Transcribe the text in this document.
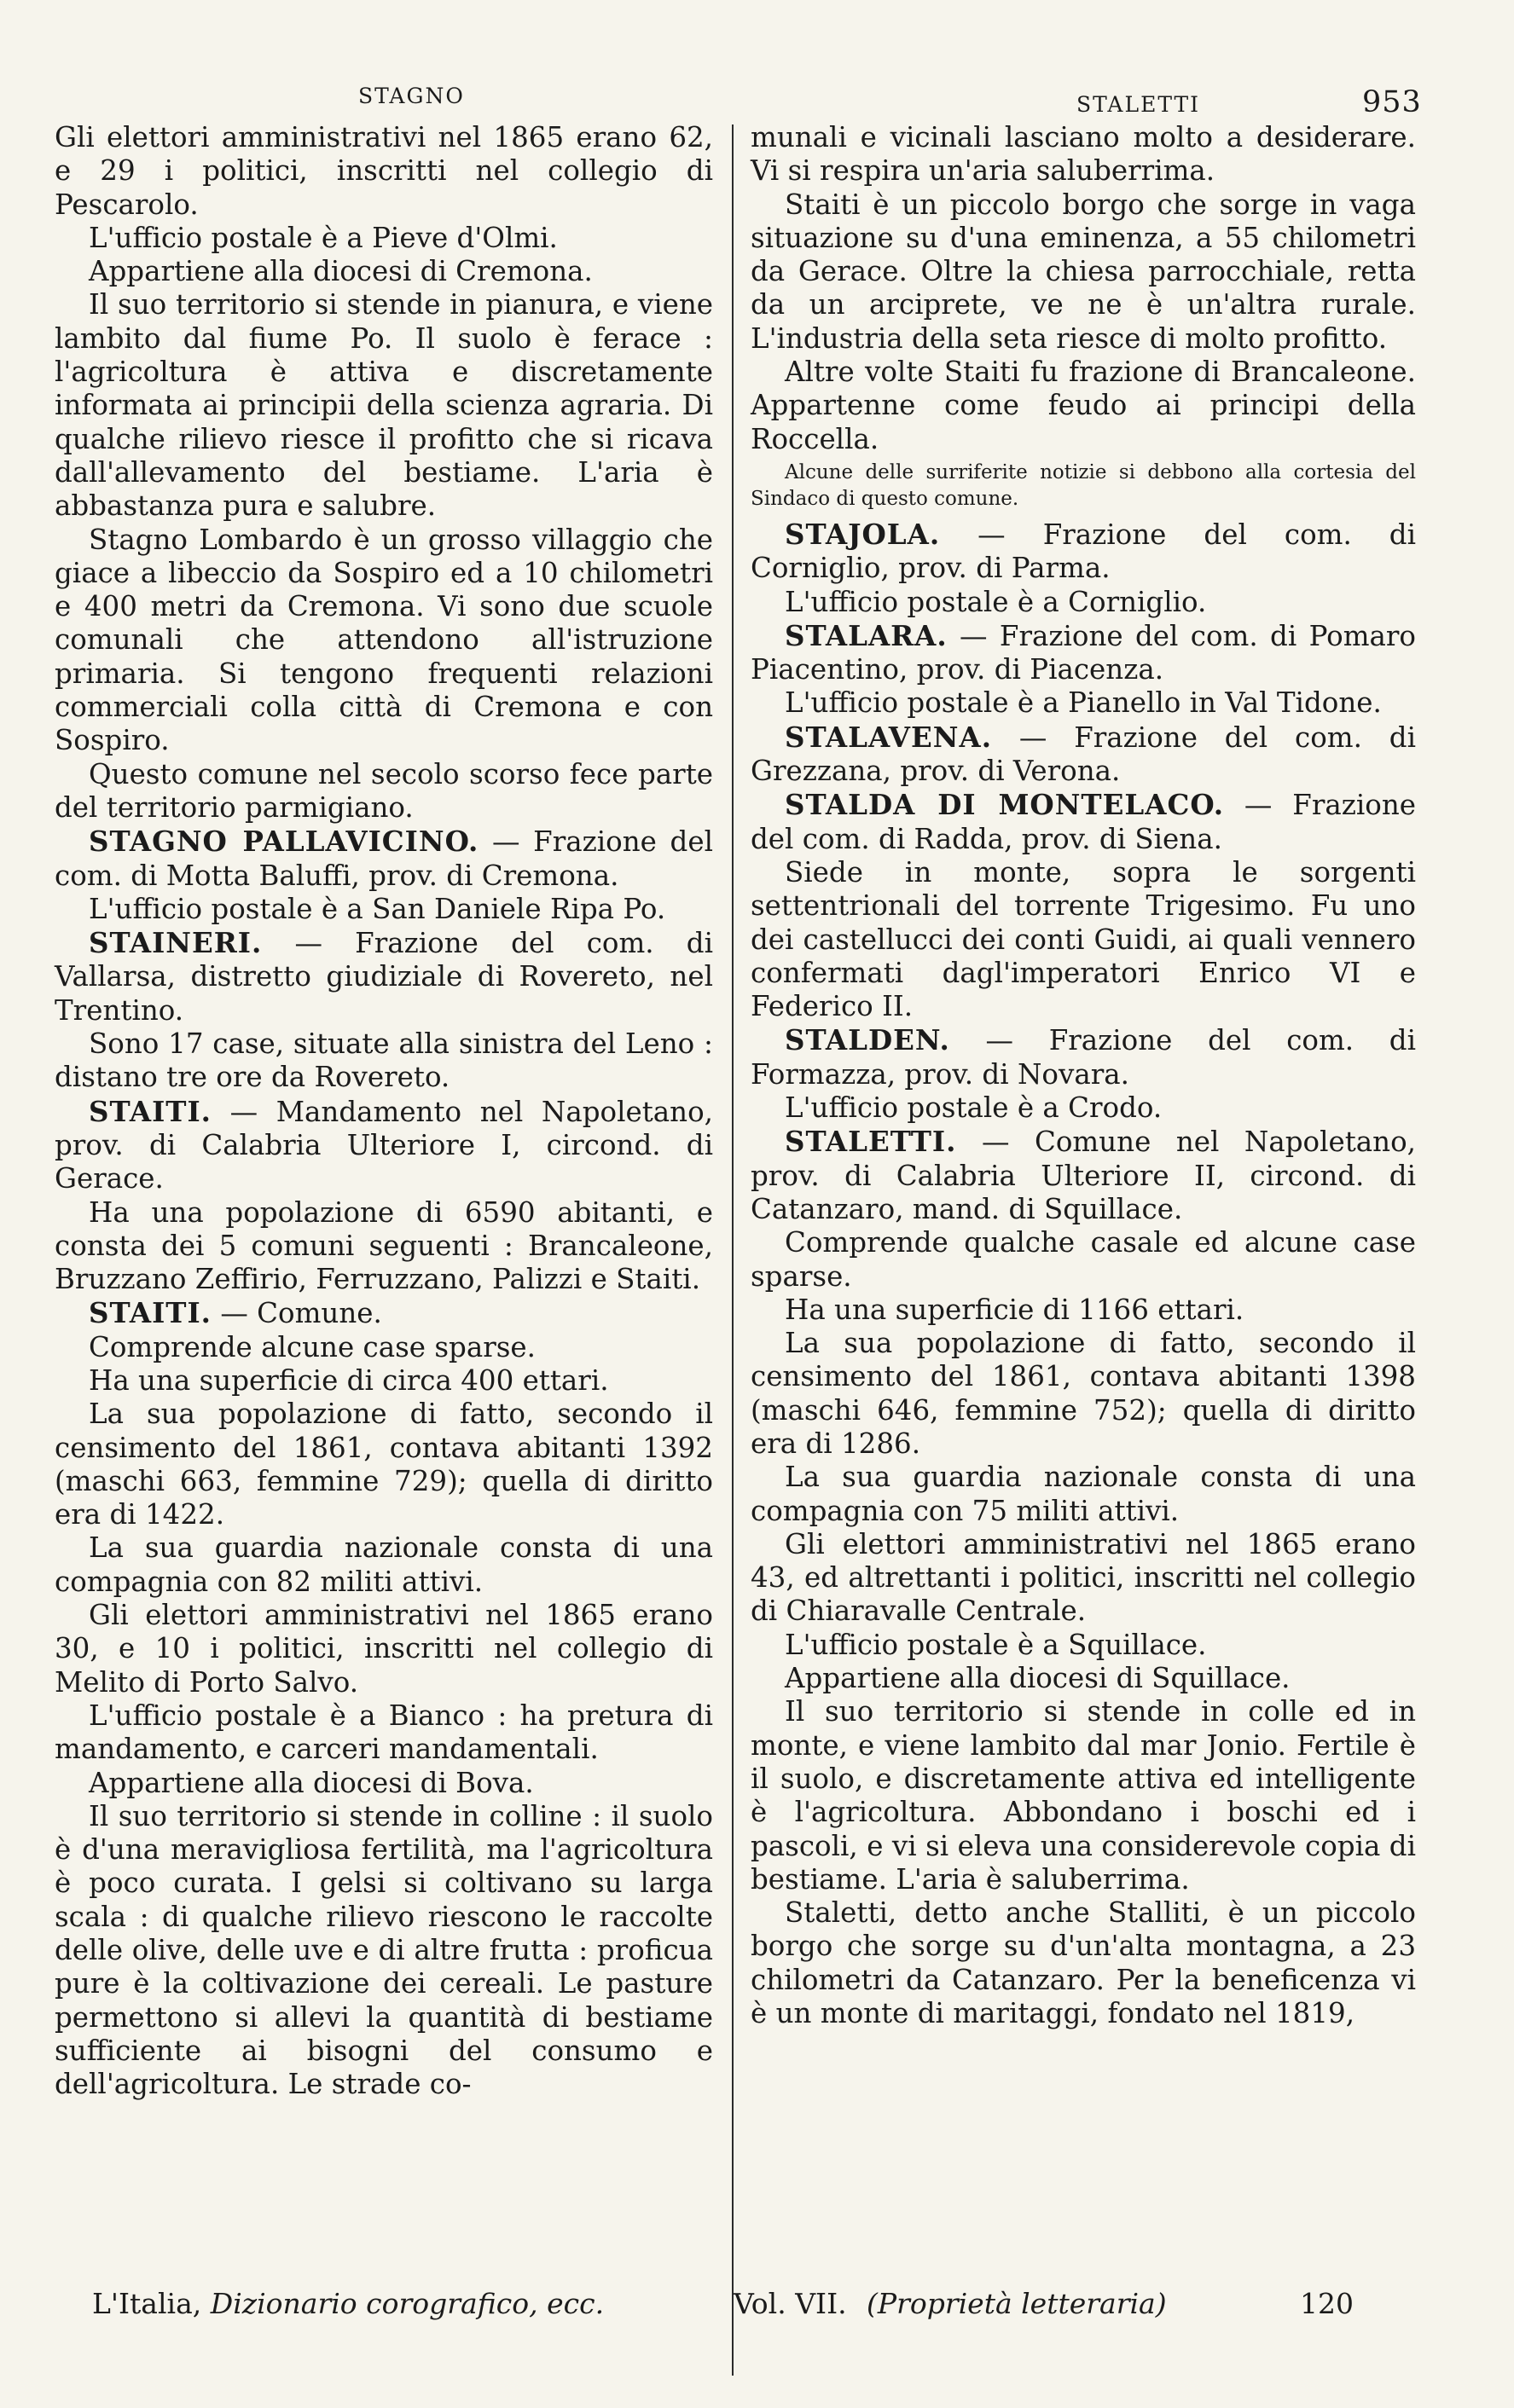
STAGNO	STALETTI	953

Gli elettori amministrativi nel 1865 erano 62, e 29 i politici, inscritti nel collegio di Pescarolo.

L'ufficio postale è a Pieve d'Olmi.

Appartiene alla diocesi di Cremona.

Il suo territorio si stende in pianura, e viene lambito dal fiume Po. Il suolo è ferace : l'agricoltura è attiva e discretamente informata ai principii della scienza agraria. Di qualche rilievo riesce il profitto che si ricava dall'allevamento del bestiame. L'aria è abbastanza pura e salubre.

Stagno Lombardo è un grosso villaggio che giace a libeccio da Sospiro ed a 10 chilometri e 400 metri da Cremona. Vi sono due scuole comunali che attendono all'istruzione primaria. Si tengono frequenti relazioni commerciali colla città di Cremona e con Sospiro.

Questo comune nel secolo scorso fece parte del territorio parmigiano.

STAGNO PALLAVICINO. — Frazione del com. di Motta Baluffi, prov. di Cremona.

L'ufficio postale è a San Daniele Ripa Po.

STAINERI. — Frazione del com. di Vallarsa, distretto giudiziale di Rovereto, nel Trentino.

Sono 17 case, situate alla sinistra del Leno : distano tre ore da Rovereto.

STAITI. — Mandamento nel Napoletano, prov. di Calabria Ulteriore I, circond. di Gerace.

Ha una popolazione di 6590 abitanti, e consta dei 5 comuni seguenti : Brancaleone, Bruzzano Zeffirio, Ferruzzano, Palizzi e Staiti.

STAITI. — Comune.

Comprende alcune case sparse.

Ha una superficie di circa 400 ettari.

La sua popolazione di fatto, secondo il censimento del 1861, contava abitanti 1392 (maschi 663, femmine 729); quella di diritto era di 1422.

La sua guardia nazionale consta di una compagnia con 82 militi attivi.

Gli elettori amministrativi nel 1865 erano 30, e 10 i politici, inscritti nel collegio di Melito di Porto Salvo.

L'ufficio postale è a Bianco : ha pretura di mandamento, e carceri mandamentali.

Appartiene alla diocesi di Bova.

Il suo territorio si stende in colline : il suolo è d'una meravigliosa fertilità, ma l'agricoltura è poco curata. I gelsi si coltivano su larga scala : di qualche rilievo riescono le raccolte delle olive, delle uve e di altre frutta : proficua pure è la coltivazione dei cereali. Le pasture permettono si allevi la quantità di bestiame sufficiente ai bisogni del consumo e dell'agricoltura. Le strade co-

munali e vicinali lasciano molto a desiderare. Vi si respira un'aria saluberrima.

Staiti è un piccolo borgo che sorge in vaga situazione su d'una eminenza, a 55 chilometri da Gerace. Oltre la chiesa parrocchiale, retta da un arciprete, ve ne è un'altra rurale. L'industria della seta riesce di molto profitto.

Altre volte Staiti fu frazione di Brancaleone. Appartenne come feudo ai principi della Roccella.

Alcune delle surriferite notizie si debbono alla cortesia del Sindaco di questo comune.

STAJOLA. — Frazione del com. di Corniglio, prov. di Parma.

L'ufficio postale è a Corniglio.

STALARA. — Frazione del com. di Pomaro Piacentino, prov. di Piacenza.

L'ufficio postale è a Pianello in Val Tidone.

STALAVENA. — Frazione del com. di Grezzana, prov. di Verona.

STALDA DI MONTELACO. — Frazione del com. di Radda, prov. di Siena.

Siede in monte, sopra le sorgenti settentrionali del torrente Trigesimo. Fu uno dei castellucci dei conti Guidi, ai quali vennero confermati dagl'imperatori Enrico VI e Federico II.

STALDEN. — Frazione del com. di Formazza, prov. di Novara.

L'ufficio postale è a Crodo.

STALETTI. — Comune nel Napoletano, prov. di Calabria Ulteriore II, circond. di Catanzaro, mand. di Squillace.

Comprende qualche casale ed alcune case sparse.

Ha una superficie di 1166 ettari.

La sua popolazione di fatto, secondo il censimento del 1861, contava abitanti 1398 (maschi 646, femmine 752); quella di diritto era di 1286.

La sua guardia nazionale consta di una compagnia con 75 militi attivi.

Gli elettori amministrativi nel 1865 erano 43, ed altrettanti i politici, inscritti nel collegio di Chiaravalle Centrale.

L'ufficio postale è a Squillace.

Appartiene alla diocesi di Squillace.

Il suo territorio si stende in colle ed in monte, e viene lambito dal mar Jonio. Fertile è il suolo, e discretamente attiva ed intelligente è l'agricoltura. Abbondano i boschi ed i pascoli, e vi si eleva una considerevole copia di bestiame. L'aria è saluberrima.

Staletti, detto anche Stalliti, è un piccolo borgo che sorge su d'un'alta montagna, a 23 chilometri da Catanzaro. Per la beneficenza vi è un monte di maritaggi, fondato nel 1819,

L'Italia, Dizionario corografico, ecc.	Vol. VII. (Proprietà letteraria)	120
